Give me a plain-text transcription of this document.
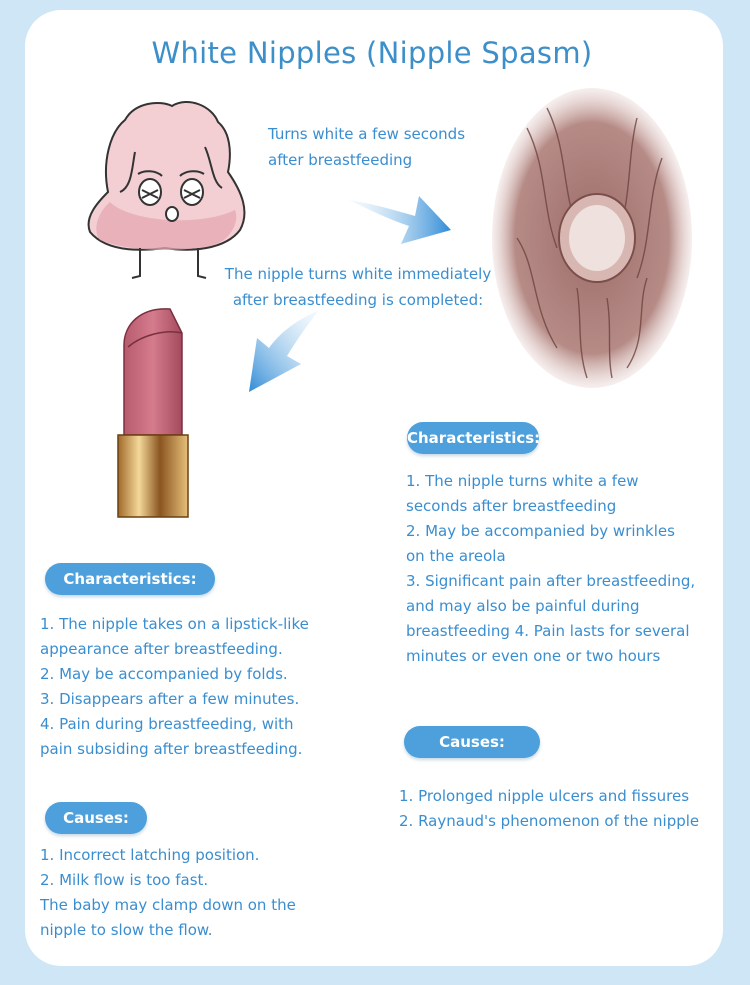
White Nipples (Nipple Spasm)
Turns white a few seconds
after breastfeeding
The nipple turns white immediately
after breastfeeding is completed:
Characteristics:
1. The nipple takes on a lipstick-like
appearance after breastfeeding.
2. May be accompanied by folds.
3. Disappears after a few minutes.
4. Pain during breastfeeding, with
pain subsiding after breastfeeding.
Causes:
1. Incorrect latching position.
2. Milk flow is too fast.
The baby may clamp down on the
nipple to slow the flow.
Characteristics:
1. The nipple turns white a few
seconds after breastfeeding
2. May be accompanied by wrinkles
on the areola
3. Significant pain after breastfeeding,
and may also be painful during
breastfeeding 4. Pain lasts for several
minutes or even one or two hours
Causes:
1. Prolonged nipple ulcers and fissures
2. Raynaud's phenomenon of the nipple
